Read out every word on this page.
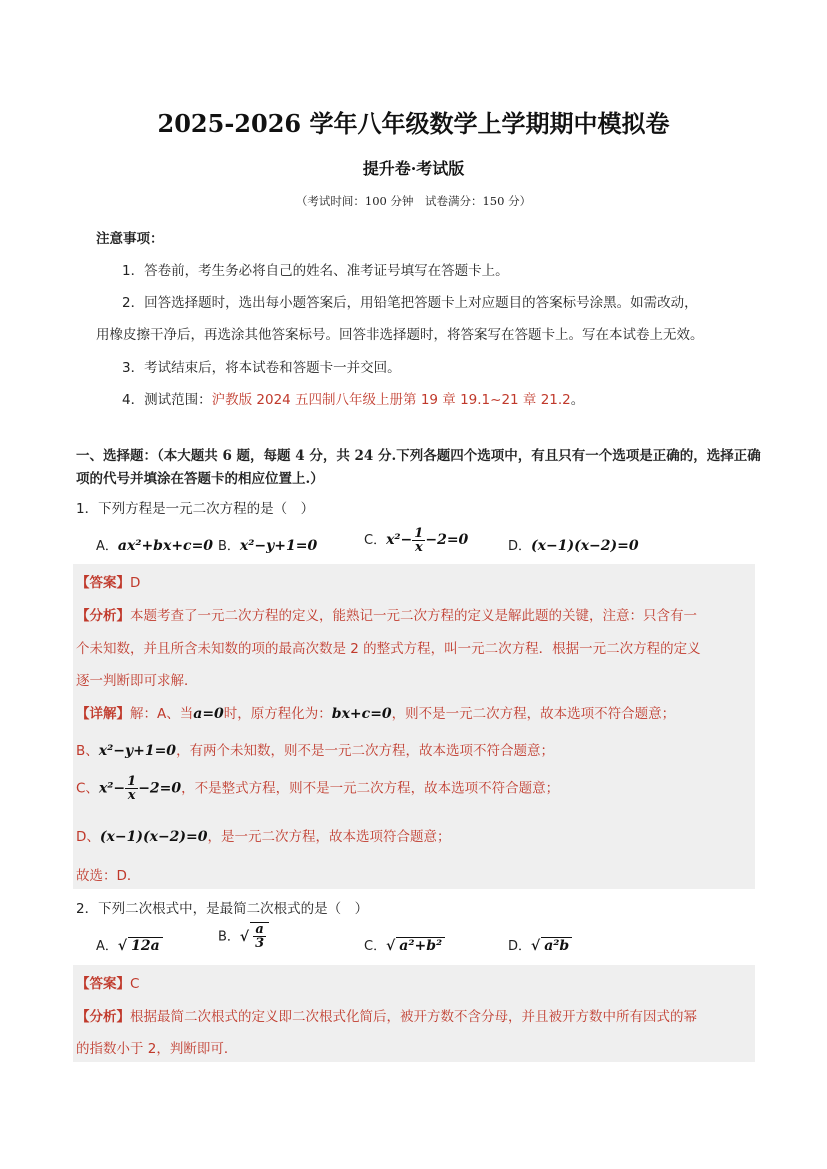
2025-2026 学年八年级数学上学期期中模拟卷
提升卷·考试版
（考试时间：100 分钟　试卷满分：150 分）
注意事项：
1．答卷前，考生务必将自己的姓名、准考证号填写在答题卡上。
2．回答选择题时，选出每小题答案后，用铅笔把答题卡上对应题目的答案标号涂黑。如需改动，
用橡皮擦干净后，再选涂其他答案标号。回答非选择题时，将答案写在答题卡上。写在本试卷上无效。
3．考试结束后，将本试卷和答题卡一并交回。
4．测试范围：沪教版 2024 五四制八年级上册第 19 章 19.1~21 章 21.2。
一、选择题：（本大题共 6 题，每题 4 分，共 24 分.下列各题四个选项中，有且只有一个选项是正确的，选择正确项的代号并填涂在答题卡的相应位置上.）
1．下列方程是一元二次方程的是（　）
A．ax²+bx+c=0 B．x²−y+1=0	C．$x^2- \frac{1}{x} -2=0$	D．(x−1)(x−2)=0
【答案】D
【分析】本题考查了一元二次方程的定义，能熟记一元二次方程的定义是解此题的关键，注意：只含有一
个未知数，并且所含未知数的项的最高次数是 2 的整式方程，叫一元二次方程．根据一元二次方程的定义
逐一判断即可求解．
【详解】解：A、当a=0时，原方程化为：bx+c=0，则不是一元二次方程，故本选项不符合题意；
B、x²−y+1=0，有两个未知数，则不是一元二次方程，故本选项不符合题意；
C、$x^2- \frac{1}{x} -2=0$，不是整式方程，则不是一元二次方程，故本选项不符合题意；
D、(x−1)(x−2)=0，是一元二次方程，故本选项符合题意；
故选：D．
2．下列二次根式中，是最简二次根式的是（　）
A．√ 12a
B．√ $\frac{a}{3}$	C．√ a²+b²	D．√ a²b
【答案】C
【分析】根据最简二次根式的定义即二次根式化简后，被开方数不含分母，并且被开方数中所有因式的幂
的指数小于 2，判断即可．
